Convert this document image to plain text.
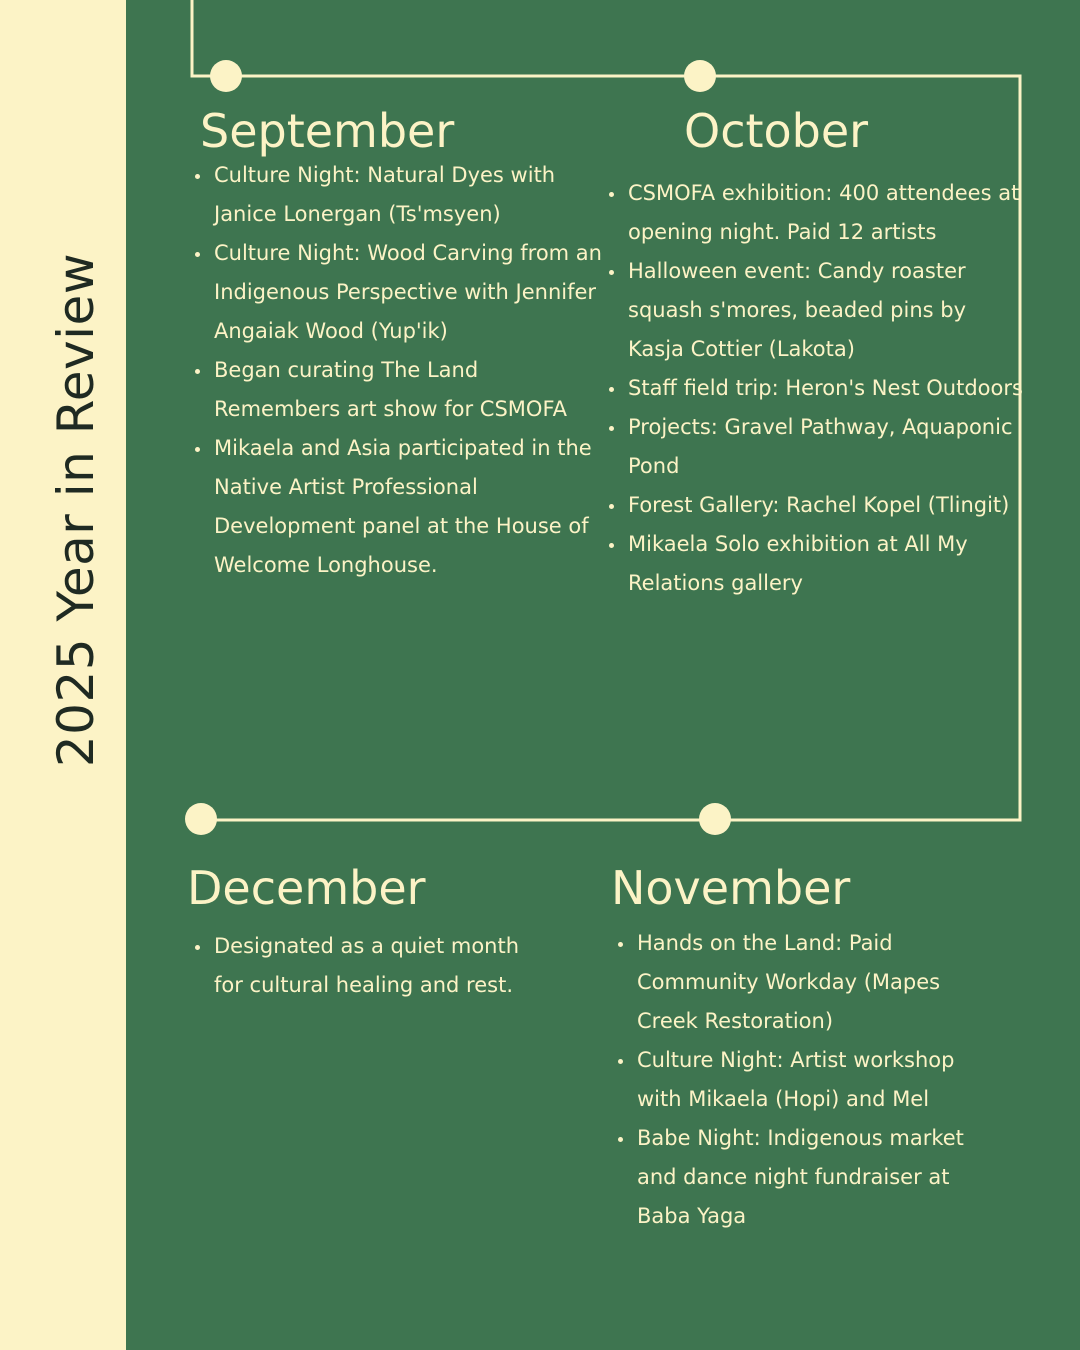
2025 Year in Review
September
• Culture Night: Natural Dyes with Janice Lonergan (Ts'msyen)
• Culture Night: Wood Carving from an Indigenous Perspective with Jennifer Angaiak Wood (Yup'ik)
• Began curating The Land Remembers art show for CSMOFA
• Mikaela and Asia participated in the Native Artist Professional Development panel at the House of Welcome Longhouse.
October
• CSMOFA exhibition: 400 attendees at opening night. Paid 12 artists
• Halloween event: Candy roaster squash s'mores, beaded pins by Kasja Cottier (Lakota)
• Staff field trip: Heron's Nest Outdoors
• Projects: Gravel Pathway, Aquaponic Pond
• Forest Gallery: Rachel Kopel (Tlingit)
• Mikaela Solo exhibition at All My Relations gallery
December
• Designated as a quiet month for cultural healing and rest.
November
• Hands on the Land: Paid Community Workday (Mapes Creek Restoration)
• Culture Night: Artist workshop with Mikaela (Hopi) and Mel
• Babe Night: Indigenous market and dance night fundraiser at Baba Yaga
